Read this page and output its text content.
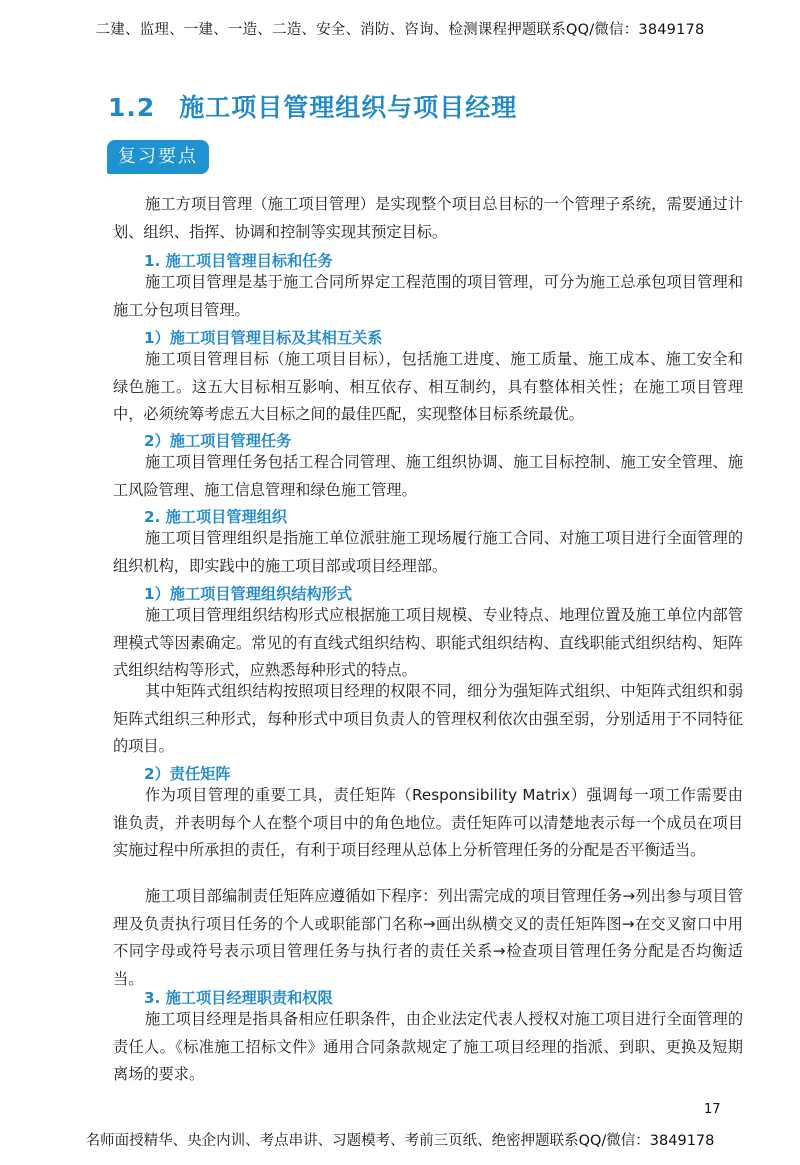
二建、监理、一建、一造、二造、安全、消防、咨询、检测课程押题联系QQ/微信：3849178
1.2 施工项目管理组织与项目经理
复习要点
施工方项目管理（施工项目管理）是实现整个项目总目标的一个管理子系统，需要通过计划、组织、指挥、协调和控制等实现其预定目标。
1. 施工项目管理目标和任务
施工项目管理是基于施工合同所界定工程范围的项目管理，可分为施工总承包项目管理和施工分包项目管理。
1）施工项目管理目标及其相互关系
施工项目管理目标（施工项目目标），包括施工进度、施工质量、施工成本、施工安全和绿色施工。这五大目标相互影响、相互依存、相互制约，具有整体相关性；在施工项目管理中，必须统筹考虑五大目标之间的最佳匹配，实现整体目标系统最优。
2）施工项目管理任务
施工项目管理任务包括工程合同管理、施工组织协调、施工目标控制、施工安全管理、施工风险管理、施工信息管理和绿色施工管理。
2. 施工项目管理组织
施工项目管理组织是指施工单位派驻施工现场履行施工合同、对施工项目进行全面管理的组织机构，即实践中的施工项目部或项目经理部。
1）施工项目管理组织结构形式
施工项目管理组织结构形式应根据施工项目规模、专业特点、地理位置及施工单位内部管理模式等因素确定。常见的有直线式组织结构、职能式组织结构、直线职能式组织结构、矩阵式组织结构等形式，应熟悉每种形式的特点。
其中矩阵式组织结构按照项目经理的权限不同，细分为强矩阵式组织、中矩阵式组织和弱矩阵式组织三种形式，每种形式中项目负责人的管理权利依次由强至弱，分别适用于不同特征的项目。
2）责任矩阵
作为项目管理的重要工具，责任矩阵（Responsibility Matrix）强调每一项工作需要由谁负责，并表明每个人在整个项目中的角色地位。责任矩阵可以清楚地表示每一个成员在项目实施过程中所承担的责任，有利于项目经理从总体上分析管理任务的分配是否平衡适当。
施工项目部编制责任矩阵应遵循如下程序：列出需完成的项目管理任务→列出参与项目管理及负责执行项目任务的个人或职能部门名称→画出纵横交叉的责任矩阵图→在交叉窗口中用不同字母或符号表示项目管理任务与执行者的责任关系→检查项目管理任务分配是否均衡适当。
3. 施工项目经理职责和权限
施工项目经理是指具备相应任职条件，由企业法定代表人授权对施工项目进行全面管理的责任人。《标准施工招标文件》通用合同条款规定了施工项目经理的指派、到职、更换及短期离场的要求。
17
名师面授精华、央企内训、考点串讲、习题模考、考前三页纸、绝密押题联系QQ/微信：3849178
